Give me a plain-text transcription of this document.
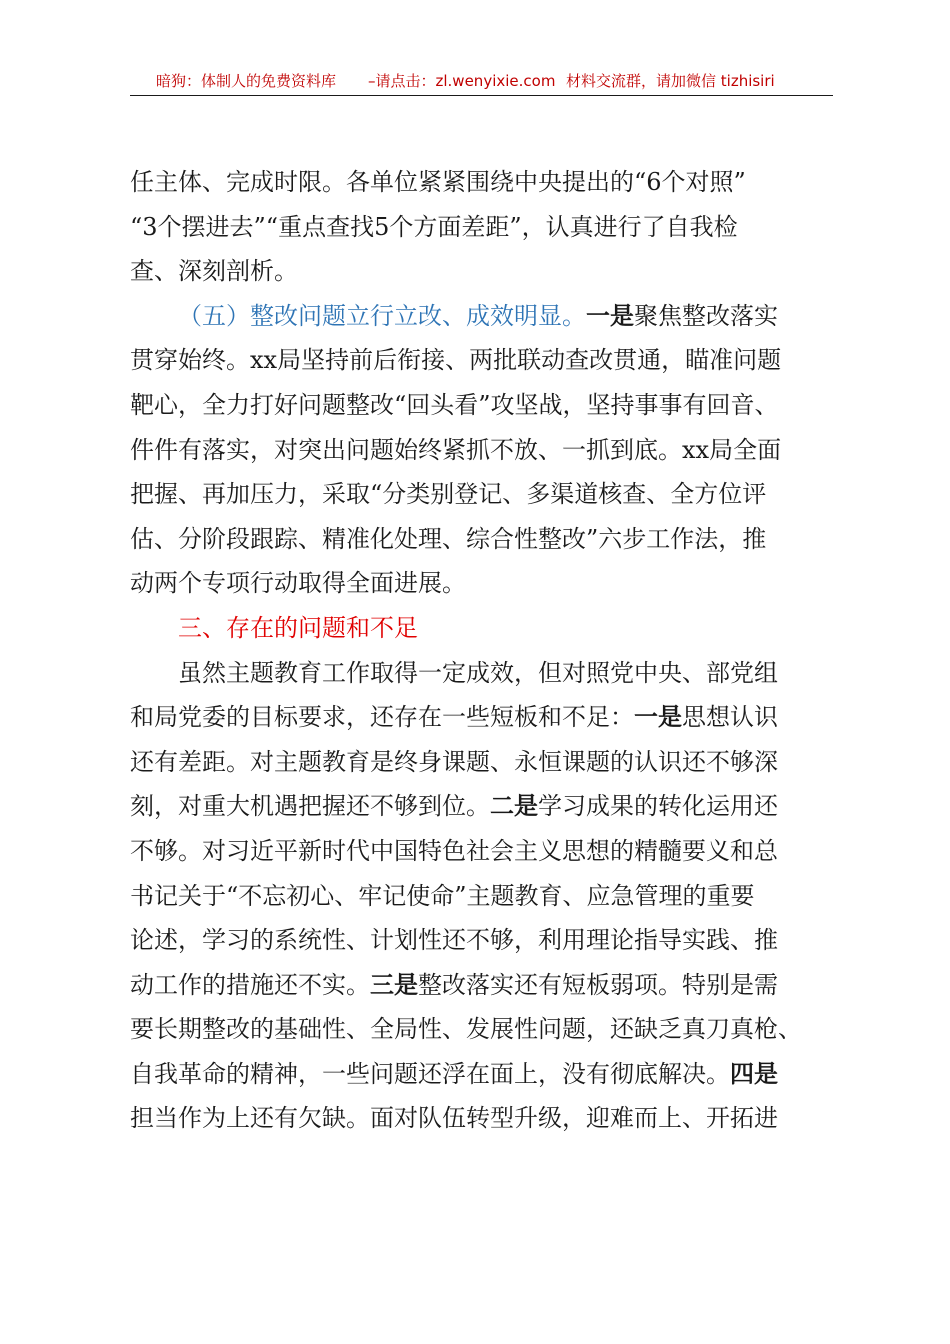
暗狗：体制人的免费资料库 –请点击：zl.wenyixie.com 材料交流群，请加微信 tizhisiri
任主体、完成时限。各单位紧紧围绕中央提出的“6个对照”
“3个摆进去”“重点查找5个方面差距”，认真进行了自我检
查、深刻剖析。
（五）整改问题立行立改、成效明显。一是聚焦整改落实
贯穿始终。xx局坚持前后衔接、两批联动查改贯通，瞄准问题
靶心，全力打好问题整改“回头看”攻坚战，坚持事事有回音、
件件有落实，对突出问题始终紧抓不放、一抓到底。xx局全面
把握、再加压力，采取“分类别登记、多渠道核查、全方位评
估、分阶段跟踪、精准化处理、综合性整改”六步工作法，推
动两个专项行动取得全面进展。
三、存在的问题和不足
虽然主题教育工作取得一定成效，但对照党中央、部党组
和局党委的目标要求，还存在一些短板和不足：一是思想认识
还有差距。对主题教育是终身课题、永恒课题的认识还不够深
刻，对重大机遇把握还不够到位。二是学习成果的转化运用还
不够。对习近平新时代中国特色社会主义思想的精髓要义和总
书记关于“不忘初心、牢记使命”主题教育、应急管理的重要
论述，学习的系统性、计划性还不够，利用理论指导实践、推
动工作的措施还不实。三是整改落实还有短板弱项。特别是需
要长期整改的基础性、全局性、发展性问题，还缺乏真刀真枪、
自我革命的精神，一些问题还浮在面上，没有彻底解决。四是
担当作为上还有欠缺。面对队伍转型升级，迎难而上、开拓进
